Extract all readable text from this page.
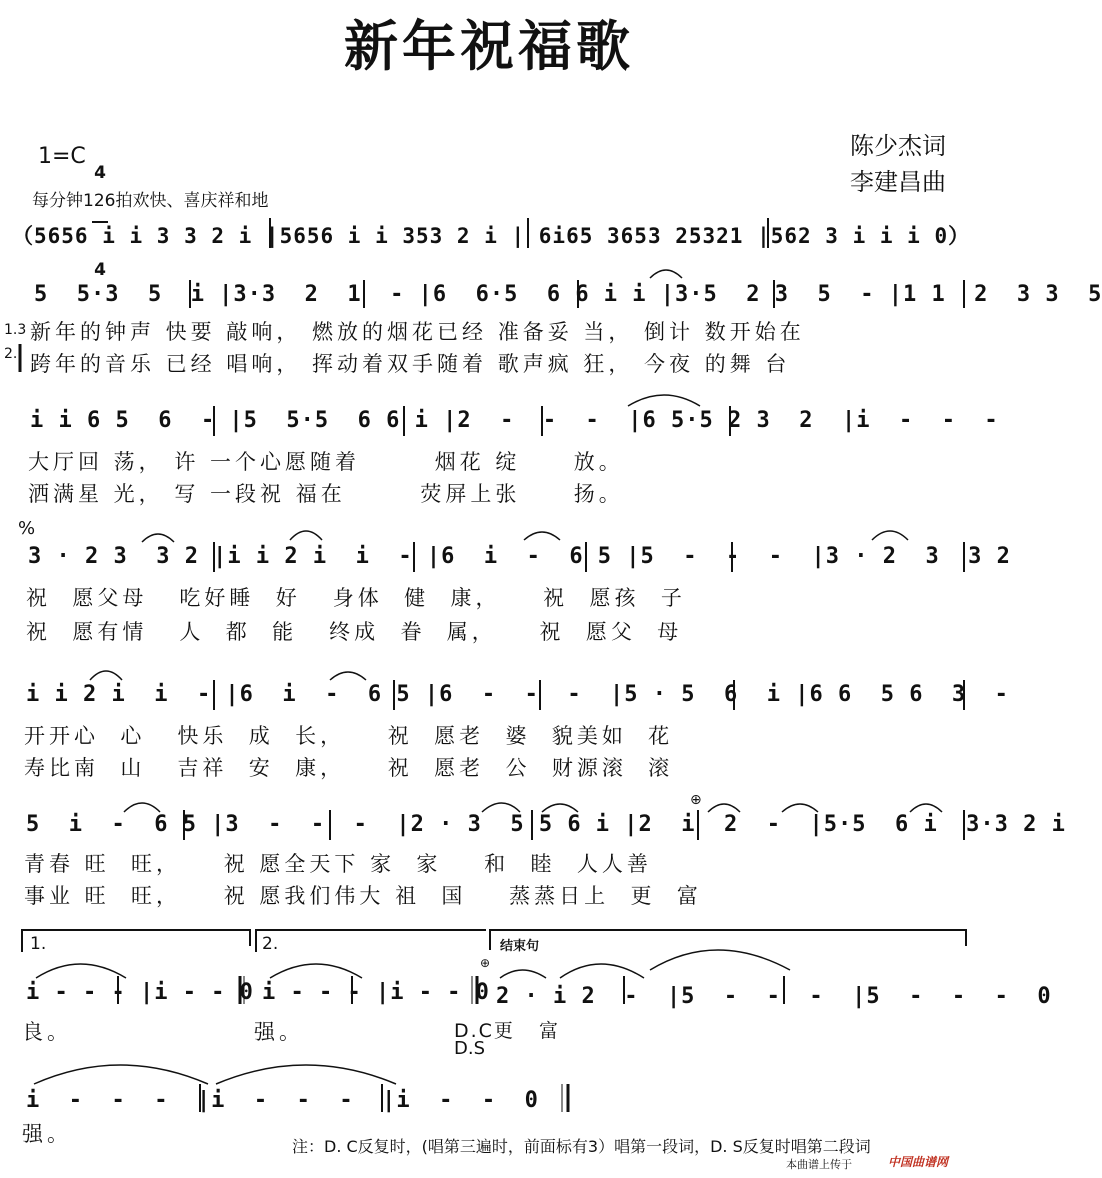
新年祝福歌
1=C

4

4

陈少杰词
李建昌曲
每分钟126拍欢快、喜庆祥和地
（5656 i i 3 3 2 i |5656 i i 353 2 i | 6i65 3653 25321 |562 3 i i i 0）
5  5·3  5  i |3·3  2  1  - |6  6·5  6 6 i i |3·5  2 3  5  - |1 1  2  3 3  5
1.3
2.
新年的钟声 快要 敲响， 燃放的烟花已经 准备妥 当， 倒计 数开始在
跨年的音乐 已经 唱响， 挥动着双手随着 歌声疯 狂， 今夜 的舞 台
i i 6 5  6  - |5  5·5  6 6 i |2  -  -  -  |6 5·5 2 3  2  |i  -  -  -
大厅回 荡， 许 一个心愿随着       烟花 绽     放。
洒满星 光， 写 一段祝 福在       荧屏上张     扬。
%
3 · 2 3  3 2 |i i 2 i  i  - |6  i  -  6 5 |5  -  -  -  |3 · 2  3  3 2
祝  愿父母   吃好睡  好   身体  健  康，    祝  愿孩  子
祝  愿有情   人  都  能   终成  眷  属，    祝  愿父  母
i i 2 i  i  - |6  i  -  6 5 |6  -  -  -  |5 · 5  6  i |6 6  5 6  3  -
开开心  心   快乐  成  长，    祝  愿老  婆  貌美如  花
寿比南  山   吉祥  安  康，    祝  愿老  公  财源滚  滚
⊕
5  i  -  6 5 |3  -  -  -  |2 · 3  5 5 6 i |2  i  2  -  |5·5  6 i  3·3 2 i
青春 旺  旺，    祝 愿全天下 家  家    和  睦  人人善
事业 旺  旺，    祝 愿我们伟大 祖  国    蒸蒸日上  更  富
1.	2.	结束句
⊕
i - - - |i - - 0 i - - - |i - - 0 2 · i 2  -  |5  -  -  -  |5  -  -  -  0
良。	强。	D.C更   富
D.S
i  -  -  -  |i  -  -  -  |i  -  -  0
强。
注：D. C反复时，(唱第三遍时，前面标有3）唱第一段词，D. S反复时唱第二段词
本曲谱上传于	中国曲谱网
